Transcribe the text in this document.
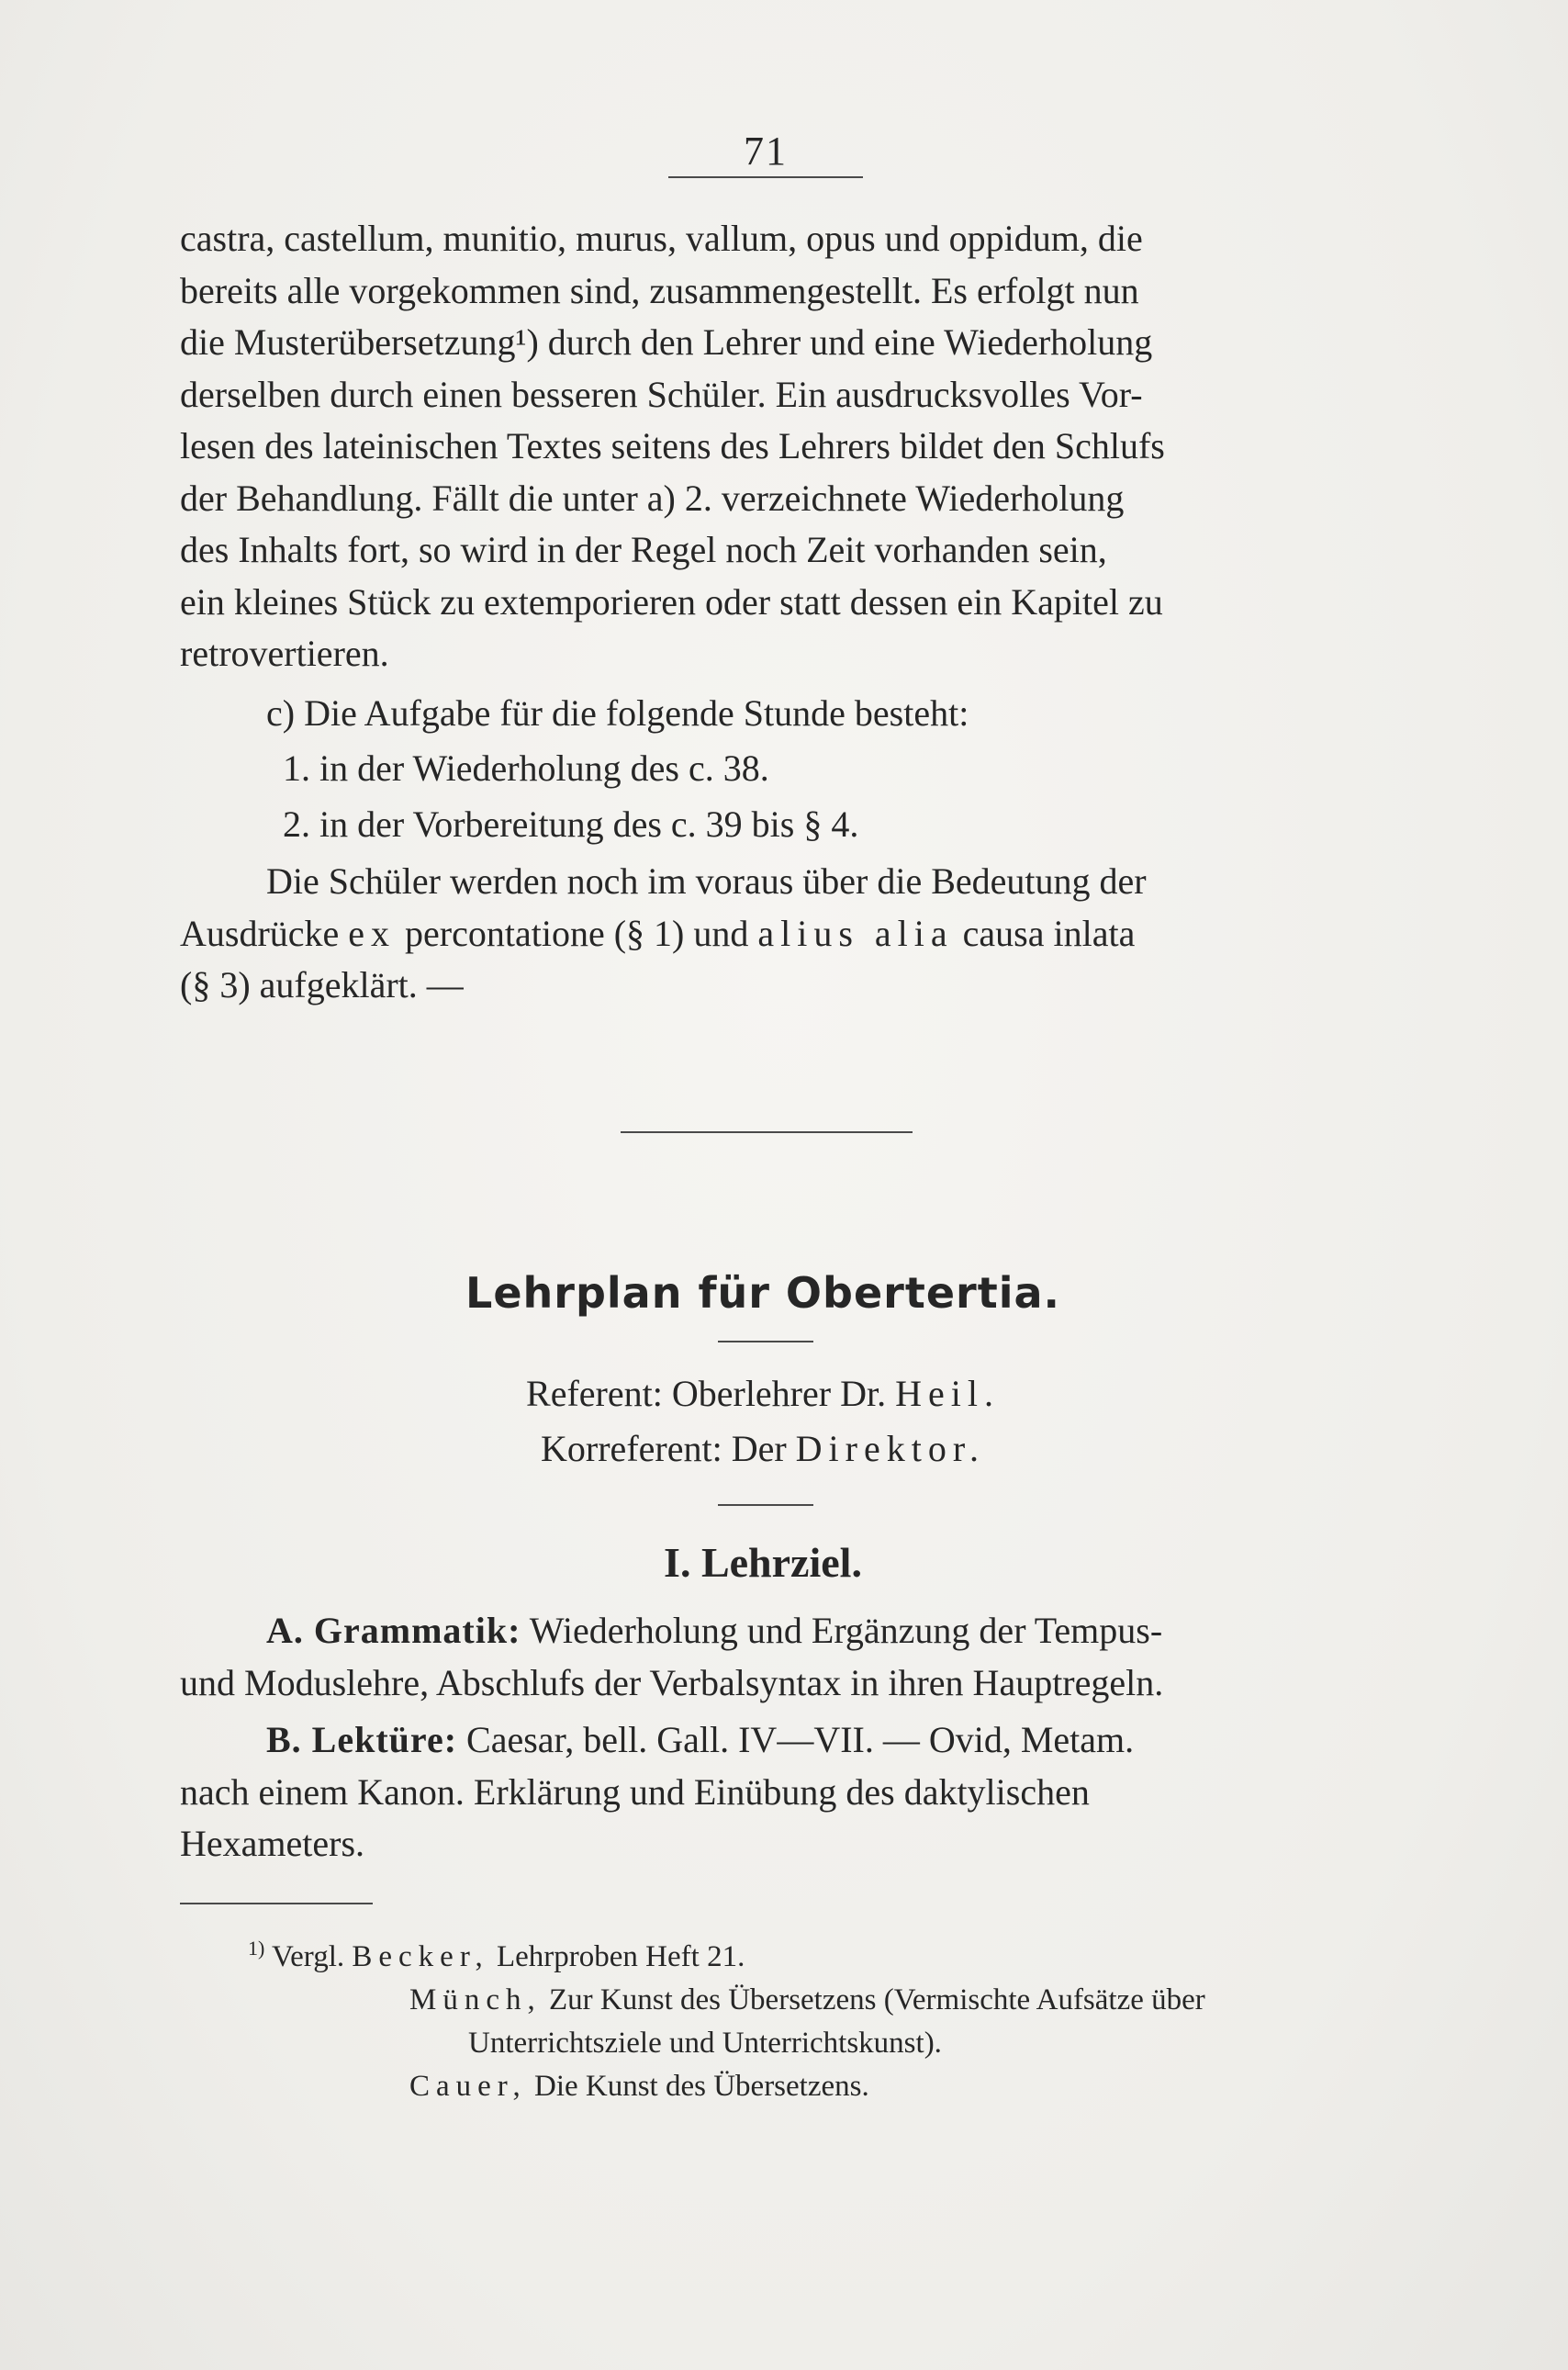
71

castra, castellum, munitio, murus, vallum, opus und oppidum, die

bereits alle vorgekommen sind, zusammengestellt. Es erfolgt nun

die Musterübersetzung¹) durch den Lehrer und eine Wiederholung

derselben durch einen besseren Schüler. Ein ausdrucksvolles Vor-

lesen des lateinischen Textes seitens des Lehrers bildet den Schlufs

der Behandlung. Fällt die unter a) 2. verzeichnete Wiederholung

des Inhalts fort, so wird in der Regel noch Zeit vorhanden sein,

ein kleines Stück zu extemporieren oder statt dessen ein Kapitel zu

retrovertieren.

c) Die Aufgabe für die folgende Stunde besteht:

1. in der Wiederholung des c. 38.

2. in der Vorbereitung des c. 39 bis § 4.

Die Schüler werden noch im voraus über die Bedeutung der

Ausdrücke ex percontatione (§ 1) und alius alia causa inlata

(§ 3) aufgeklärt. —

Lehrplan für Obertertia.
Referent: Oberlehrer Dr. Heil.
Korreferent: Der Direktor.
I. Lehrziel.

A. Grammatik: Wiederholung und Ergänzung der Tempus-

und Moduslehre, Abschlufs der Verbalsyntax in ihren Hauptregeln.

B. Lektüre: Caesar, bell. Gall. IV—VII. — Ovid, Metam.

nach einem Kanon. Erklärung und Einübung des daktylischen

Hexameters.

$^{1)}$ Vergl. Becker, Lehrproben Heft 21.

Münch, Zur Kunst des Übersetzens (Vermischte Aufsätze über

Unterrichtsziele und Unterrichtskunst).

Cauer, Die Kunst des Übersetzens.
